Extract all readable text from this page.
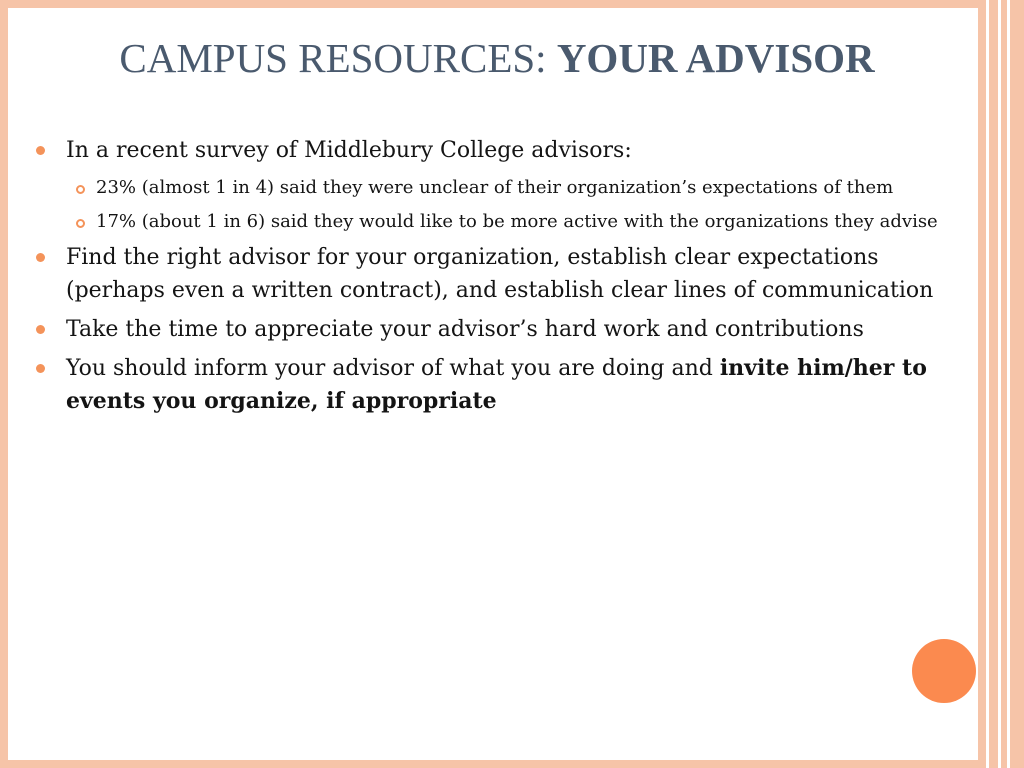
CAMPUS RESOURCES: YOUR ADVISOR
In a recent survey of Middlebury College advisors:
23% (almost 1 in 4) said they were unclear of their organization’s expectations of them
17% (about 1 in 6) said they would like to be more active with the organizations they advise
Find the right advisor for your organization, establish clear expectations (perhaps even a written contract), and establish clear lines of communication
Take the time to appreciate your advisor’s hard work and contributions
You should inform your advisor of what you are doing and invite him/her to events you organize, if appropriate
